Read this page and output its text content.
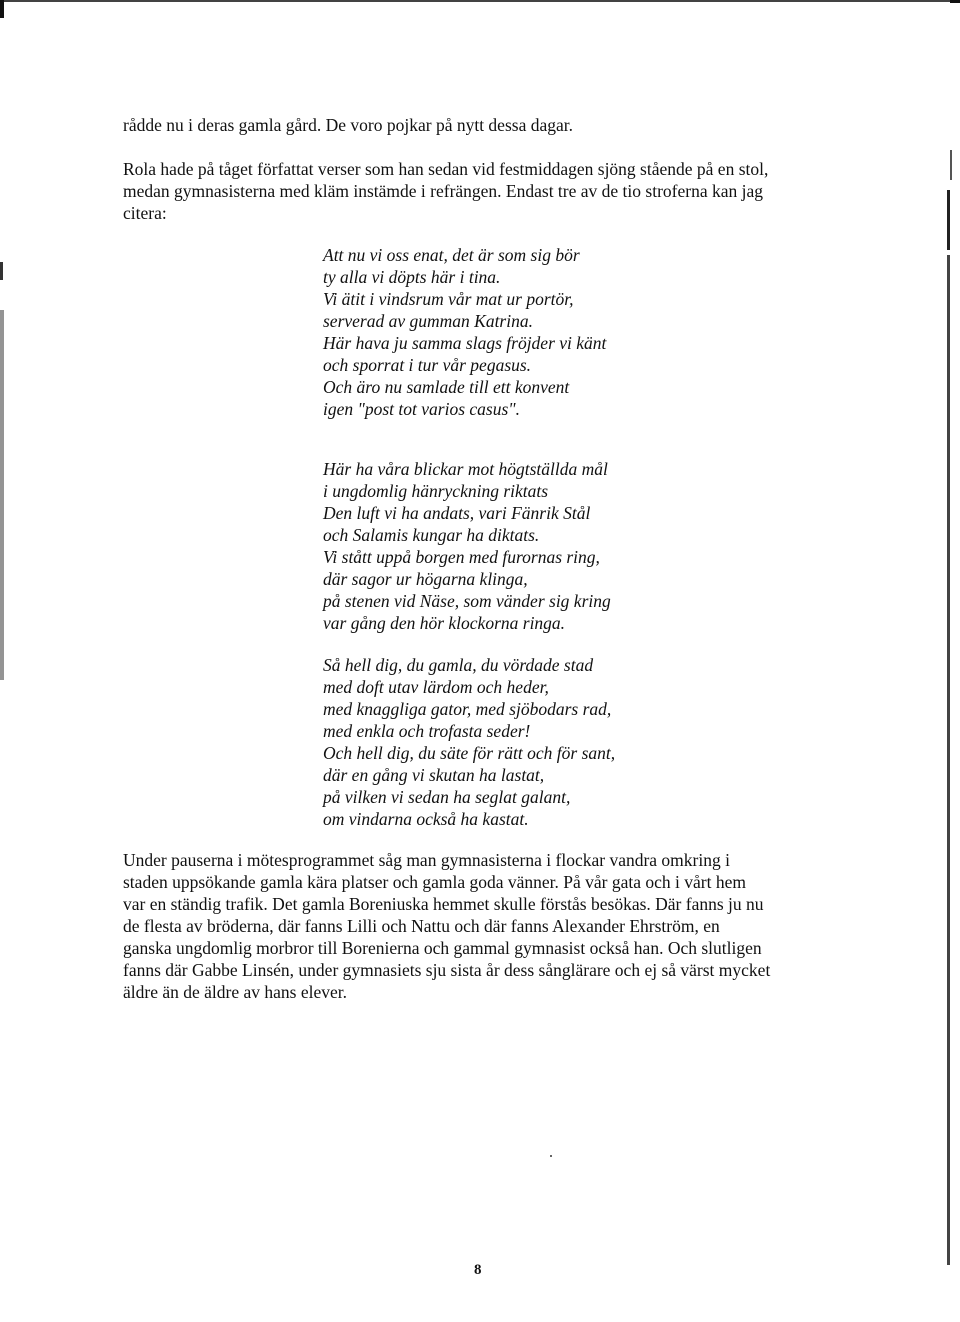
rådde nu i deras gamla gård. De voro pojkar på nytt dessa dagar.

Rola hade på tåget författat verser som han sedan vid festmiddagen sjöng stående på en stol,

medan gymnasisterna med kläm instämde i refrängen. Endast tre av de tio stroferna kan jag

citera:

Att nu vi oss enat, det är som sig bör
ty alla vi döpts här i tina.
Vi ätit i vindsrum vår mat ur portör,
serverad av gumman Katrina.
Här hava ju samma slags fröjder vi känt
och sporrat i tur vår pegasus.
Och äro nu samlade till ett konvent
igen "post tot varios casus".
Här ha våra blickar mot högtställda mål
i ungdomlig hänryckning riktats
Den luft vi ha andats, vari Fänrik Stål
och Salamis kungar ha diktats.
Vi stått uppå borgen med furornas ring,
där sagor ur högarna klinga,
på stenen vid Näse, som vänder sig kring
var gång den hör klockorna ringa.
Så hell dig, du gamla, du vördade stad
med doft utav lärdom och heder,
med knaggliga gator, med sjöbodars rad,
med enkla och trofasta seder!
Och hell dig, du säte för rätt och för sant,
där en gång vi skutan ha lastat,
på vilken vi sedan ha seglat galant,
om vindarna också ha kastat.

Under pauserna i mötesprogrammet såg man gymnasisterna i flockar vandra omkring i

staden uppsökande gamla kära platser och gamla goda vänner. På vår gata och i vårt hem

var en ständig trafik. Det gamla Boreniuska hemmet skulle förstås besökas. Där fanns ju nu

de flesta av bröderna, där fanns Lilli och Nattu och där fanns Alexander Ehrström, en

ganska ungdomlig morbror till Borenierna och gammal gymnasist också han. Och slutligen

fanns där Gabbe Linsén, under gymnasiets sju sista år dess sånglärare och ej så värst mycket

äldre än de äldre av hans elever.

8
